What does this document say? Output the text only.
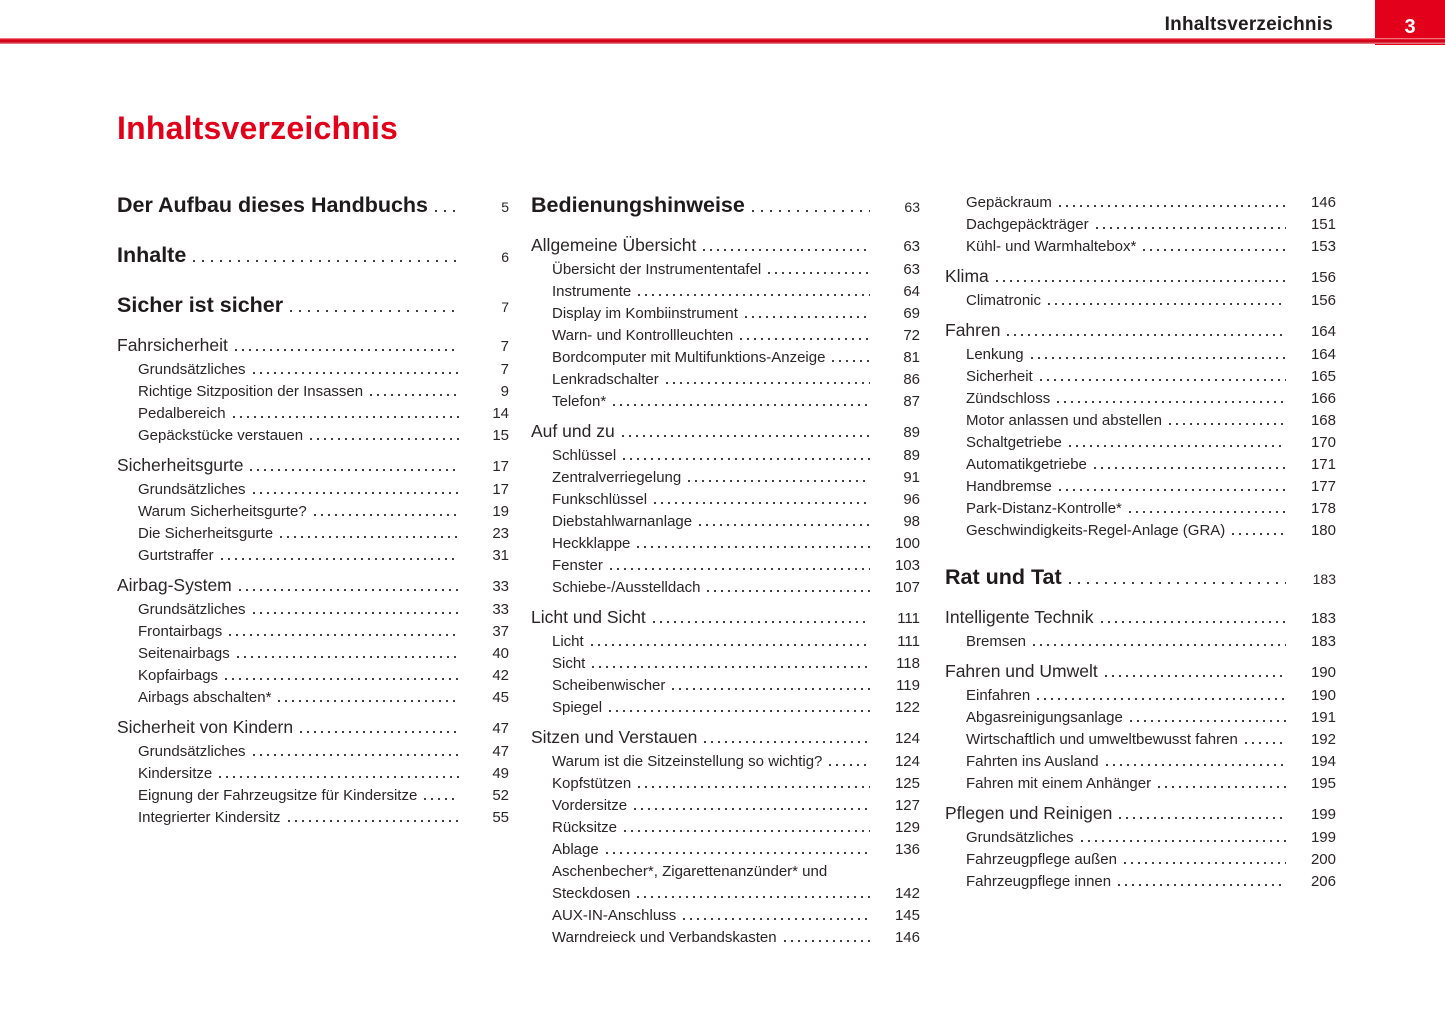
Inhaltsverzeichnis	3
Inhaltsverzeichnis
Der Aufbau dieses Handbuchs	5
Inhalte	6
Sicher ist sicher	7
Fahrsicherheit	7
Grundsätzliches	7
Richtige Sitzposition der Insassen	9
Pedalbereich	14
Gepäckstücke verstauen	15
Sicherheitsgurte	17
Grundsätzliches	17
Warum Sicherheitsgurte?	19
Die Sicherheitsgurte	23
Gurtstraffer	31
Airbag-System	33
Grundsätzliches	33
Frontairbags	37
Seitenairbags	40
Kopfairbags	42
Airbags abschalten*	45
Sicherheit von Kindern	47
Grundsätzliches	47
Kindersitze	49
Eignung der Fahrzeugsitze für Kindersitze	52
Integrierter Kindersitz	55
Bedienungshinweise	63
Allgemeine Übersicht	63
Übersicht der Instrumententafel	63
Instrumente	64
Display im Kombiinstrument	69
Warn- und Kontrollleuchten	72
Bordcomputer mit Multifunktions-Anzeige	81
Lenkradschalter	86
Telefon*	87
Auf und zu	89
Schlüssel	89
Zentralverriegelung	91
Funkschlüssel	96
Diebstahlwarnanlage	98
Heckklappe	100
Fenster	103
Schiebe-/Ausstelldach	107
Licht und Sicht	111
Licht	111
Sicht	118
Scheibenwischer	119
Spiegel	122
Sitzen und Verstauen	124
Warum ist die Sitzeinstellung so wichtig?	124
Kopfstützen	125
Vordersitze	127
Rücksitze	129
Ablage	136
Aschenbecher*, Zigarettenanzünder* und
Steckdosen	142
AUX-IN-Anschluss	145
Warndreieck und Verbandskasten	146
Gepäckraum	146
Dachgepäckträger	151
Kühl- und Warmhaltebox*	153
Klima	156
Climatronic	156
Fahren	164
Lenkung	164
Sicherheit	165
Zündschloss	166
Motor anlassen und abstellen	168
Schaltgetriebe	170
Automatikgetriebe	171
Handbremse	177
Park-Distanz-Kontrolle*	178
Geschwindigkeits-Regel-Anlage (GRA)	180
Rat und Tat	183
Intelligente Technik	183
Bremsen	183
Fahren und Umwelt	190
Einfahren	190
Abgasreinigungsanlage	191
Wirtschaftlich und umweltbewusst fahren	192
Fahrten ins Ausland	194
Fahren mit einem Anhänger	195
Pflegen und Reinigen	199
Grundsätzliches	199
Fahrzeugpflege außen	200
Fahrzeugpflege innen	206
